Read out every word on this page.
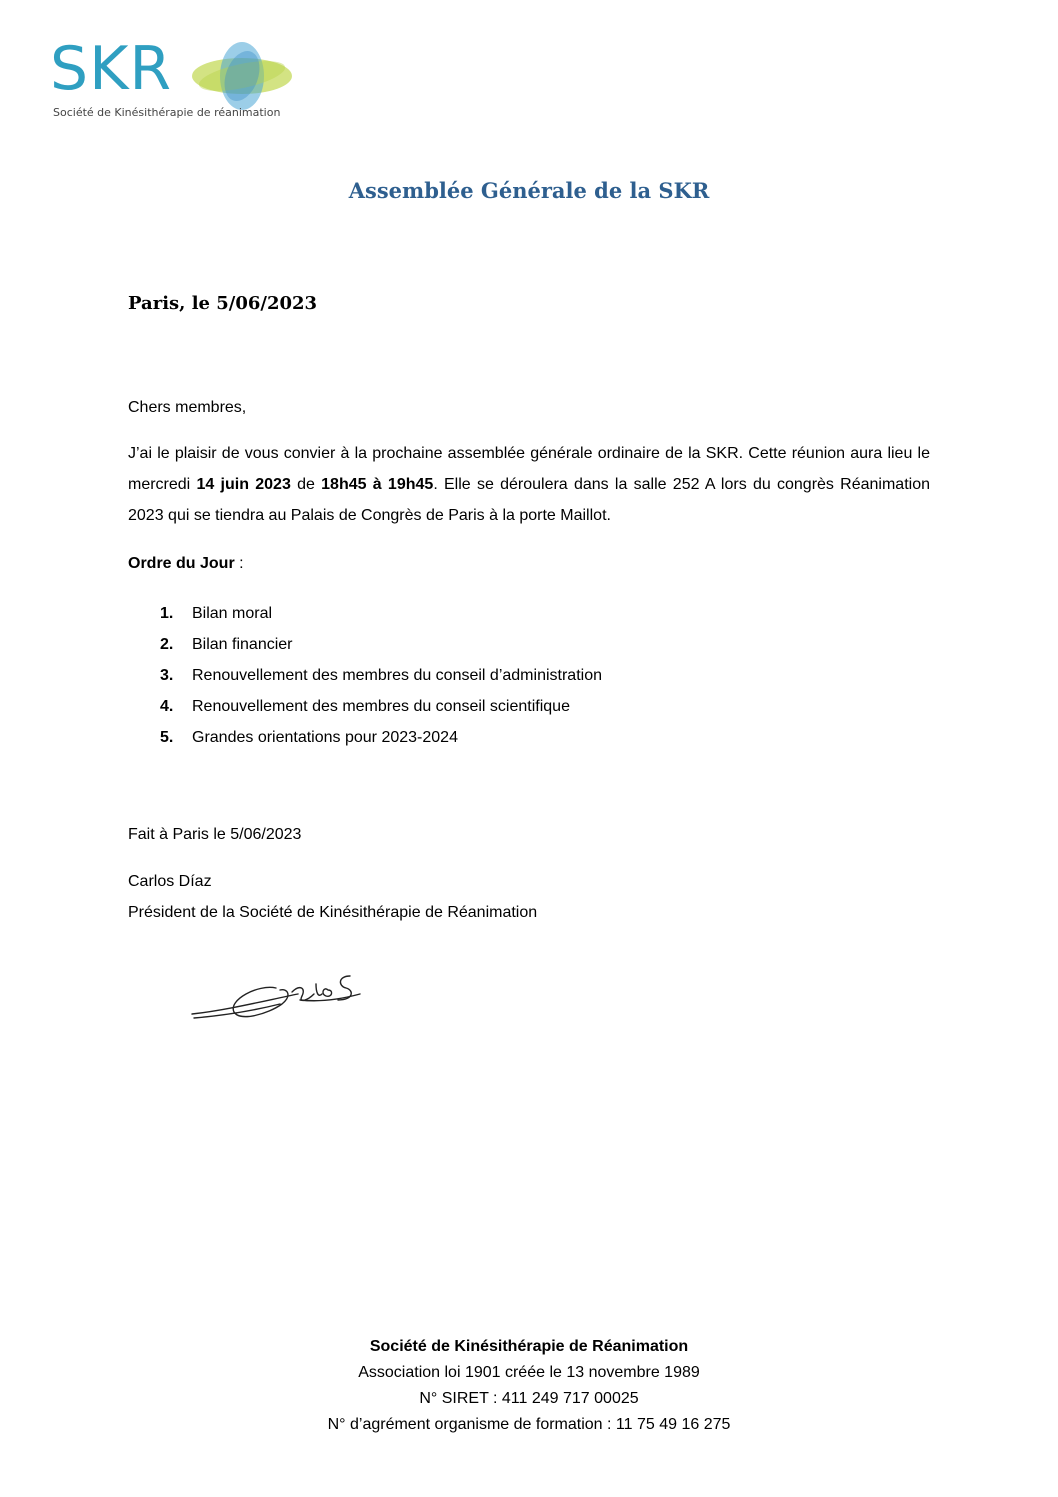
SKR
Société de Kinésithérapie de réanimation
Assemblée Générale de la SKR
Paris, le 5/06/2023
Chers membres,
J’ai le plaisir de vous convier à la prochaine assemblée générale ordinaire de la SKR. Cette réunion aura lieu le mercredi 14 juin 2023 de 18h45 à 19h45. Elle se déroulera dans la salle 252 A lors du congrès Réanimation 2023 qui se tiendra au Palais de Congrès de Paris à la porte Maillot.
Ordre du Jour :
1.	Bilan moral
2.	Bilan financier
3.	Renouvellement des membres du conseil d’administration
4.	Renouvellement des membres du conseil scientifique
5.	Grandes orientations pour 2023-2024
Fait à Paris le 5/06/2023
Carlos Díaz
Président de la Société de Kinésithérapie de Réanimation
Société de Kinésithérapie de Réanimation
Association loi 1901 créée le 13 novembre 1989
N° SIRET : 411 249 717 00025
N° d’agrément organisme de formation : 11 75 49 16 275
